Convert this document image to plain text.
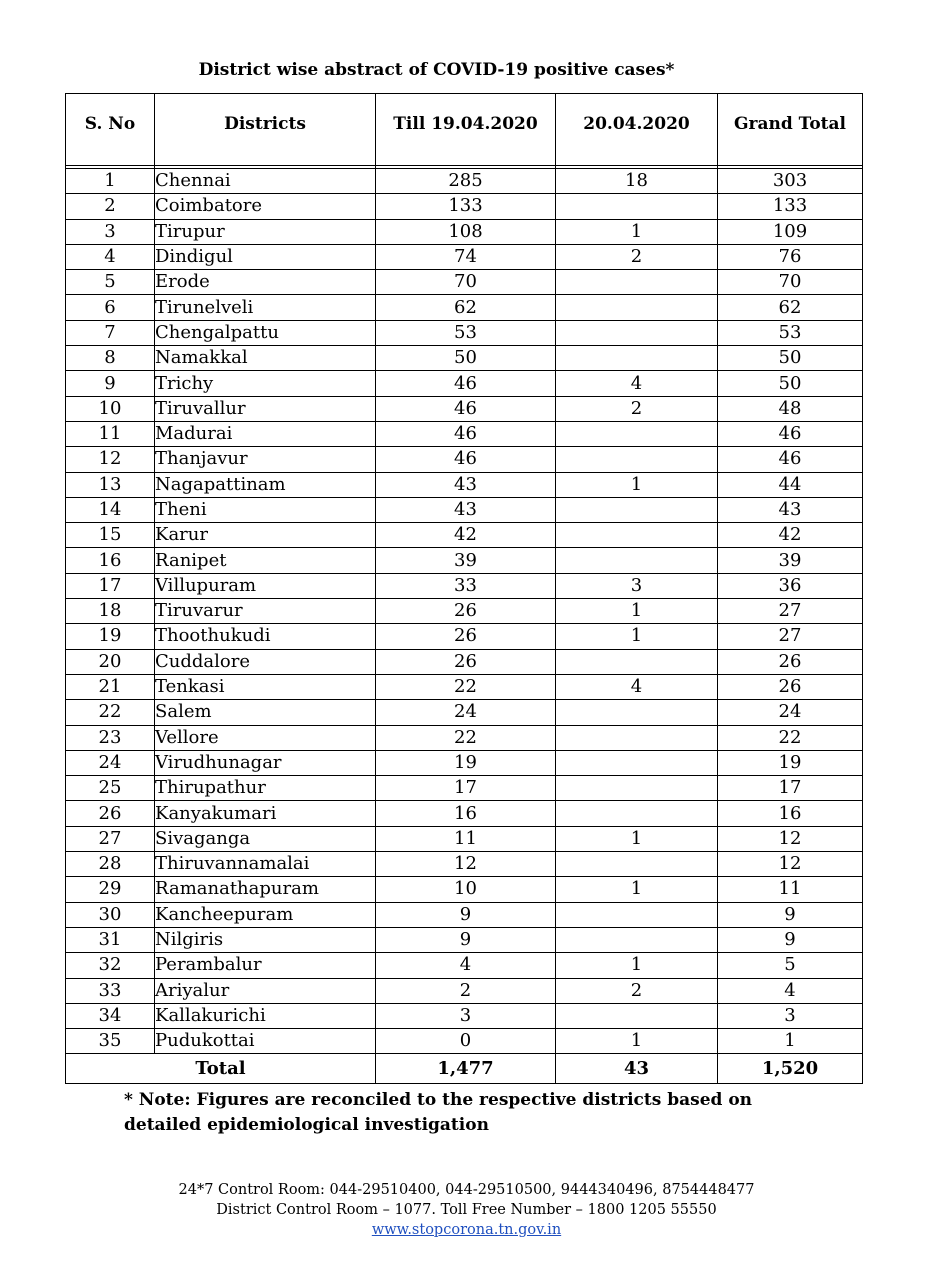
District wise abstract of COVID-19 positive cases*
S. No	Districts	Till 19.04.2020	20.04.2020	Grand Total

1	Chennai	285	18	303
2	Coimbatore	133		133
3	Tirupur	108	1	109
4	Dindigul	74	2	76
5	Erode	70		70
6	Tirunelveli	62		62
7	Chengalpattu	53		53
8	Namakkal	50		50
9	Trichy	46	4	50
10	Tiruvallur	46	2	48
11	Madurai	46		46
12	Thanjavur	46		46
13	Nagapattinam	43	1	44
14	Theni	43		43
15	Karur	42		42
16	Ranipet	39		39
17	Villupuram	33	3	36
18	Tiruvarur	26	1	27
19	Thoothukudi	26	1	27
20	Cuddalore	26		26
21	Tenkasi	22	4	26
22	Salem	24		24
23	Vellore	22		22
24	Virudhunagar	19		19
25	Thirupathur	17		17
26	Kanyakumari	16		16
27	Sivaganga	11	1	12
28	Thiruvannamalai	12		12
29	Ramanathapuram	10	1	11
30	Kancheepuram	9		9
31	Nilgiris	9		9
32	Perambalur	4	1	5
33	Ariyalur	2	2	4
34	Kallakurichi	3		3
35	Pudukottai	0	1	1
Total		1,477	43	1,520
* Note: Figures are reconciled to the respective districts based on
detailed epidemiological investigation
24*7 Control Room: 044-29510400, 044-29510500, 9444340496, 8754448477
District Control Room – 1077. Toll Free Number – 1800 1205 55550
www.stopcorona.tn.gov.in
